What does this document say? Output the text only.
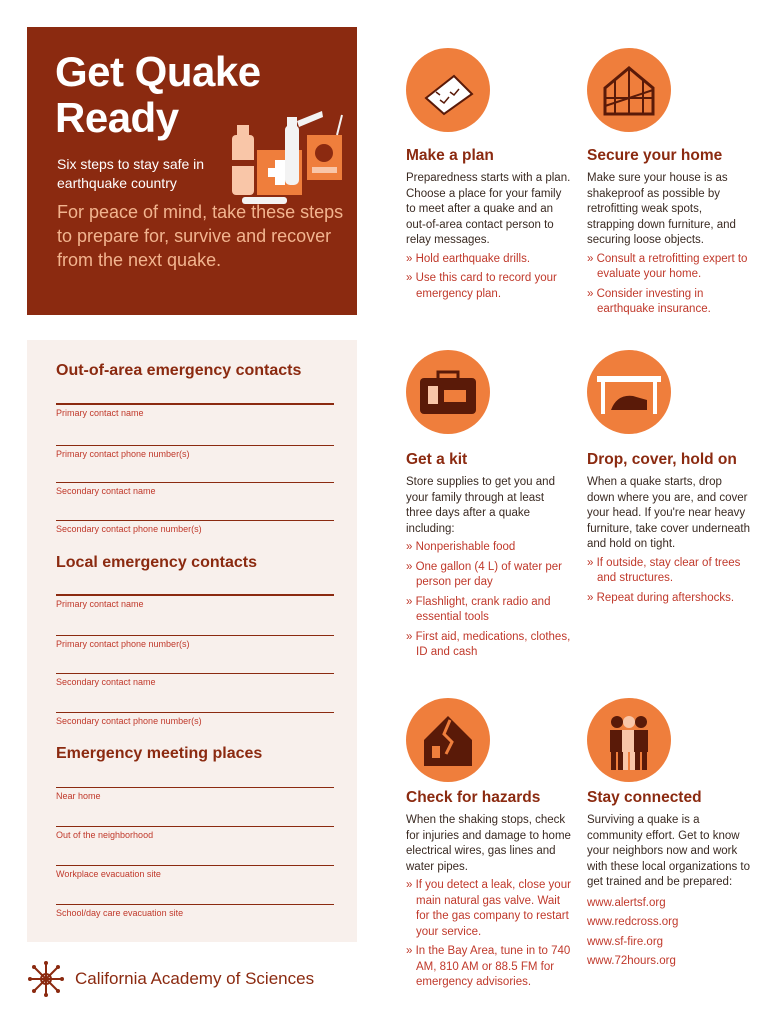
Get Quake
Ready
Six steps to stay safe in earthquake country
For peace of mind, take these steps to prepare for, survive and recover from the next quake.
Out-of-area emergency contacts
Primary contact name
Primary contact phone number(s)
Secondary contact name
Secondary contact phone number(s)
Local emergency contacts
Primary contact name
Primary contact phone number(s)
Secondary contact name
Secondary contact phone number(s)
Emergency meeting places
Near home
Out of the neighborhood
Workplace evacuation site
School/day care evacuation site
Make a plan
Preparedness starts with a plan. Choose a place for your family to meet after a quake and an out-of-area contact person to relay messages.
» Hold earthquake drills.
» Use this card to record your emergency plan.
Secure your home
Make sure your house is as shakeproof as possible by retrofitting weak spots, strapping down furniture, and securing loose objects.
» Consult a retrofitting expert to evaluate your home.
» Consider investing in earthquake insurance.
Get a kit
Store supplies to get you and your family through at least three days after a quake including:
» Nonperishable food
» One gallon (4 L) of water per person per day
» Flashlight, crank radio and essential tools
» First aid, medications, clothes, ID and cash
Drop, cover, hold on
When a quake starts, drop down where you are, and cover your head. If you're near heavy furniture, take cover underneath and hold on tight.
» If outside, stay clear of trees and structures.
» Repeat during aftershocks.
Check for hazards
When the shaking stops, check for injuries and damage to home electrical wires, gas lines and water pipes.
» If you detect a leak, close your main natural gas valve. Wait for the gas company to restart your service.
» In the Bay Area, tune in to 740 AM, 810 AM or 88.5 FM for emergency advisories.
Stay connected
Surviving a quake is a community effort. Get to know your neighbors now and work with these local organizations to get trained and be prepared:
www.alertsf.org
www.redcross.org
www.sf-fire.org
www.72hours.org
California Academy of Sciences
